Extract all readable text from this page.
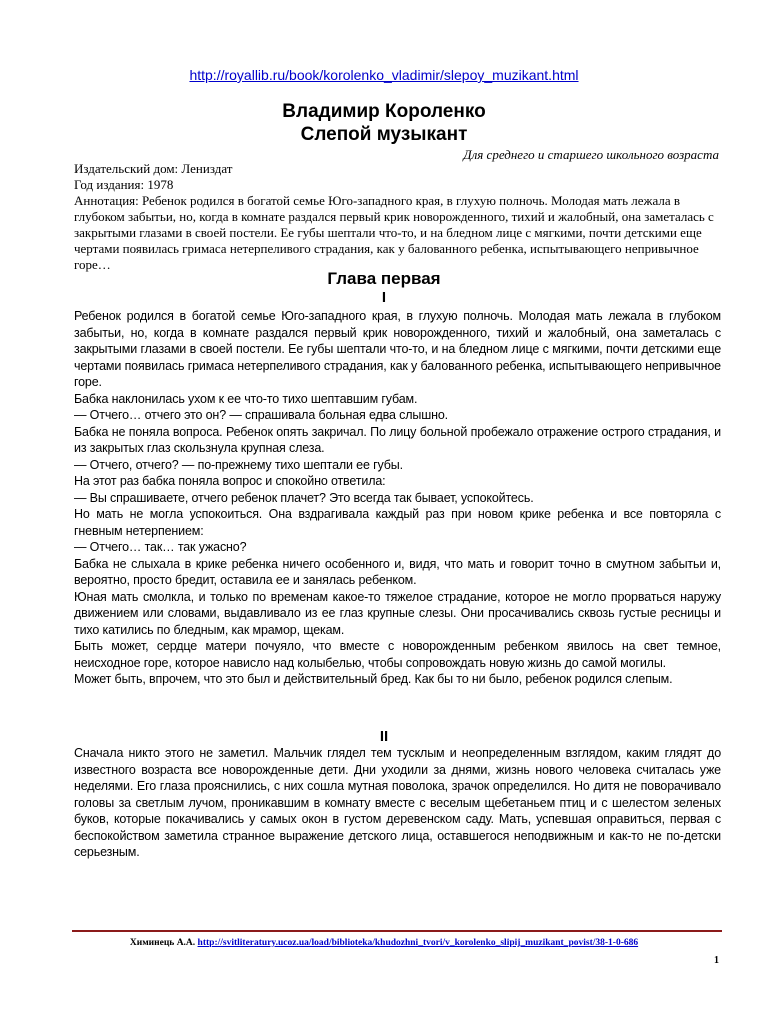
http://royallib.ru/book/korolenko_vladimir/slepoy_muzikant.html
Владимир Короленко
Слепой музыкант
Для среднего и старшего школьного возраста
Издательский дом: Лениздат
Год издания: 1978
Аннотация: Ребенок родился в богатой семье Юго-западного края, в глухую полночь. Молодая мать лежала в глубоком забытьи, но, когда в комнате раздался первый крик новорожденного, тихий и жалобный, она заметалась с закрытыми глазами в своей постели. Ее губы шептали что-то, и на бледном лице с мягкими, почти детскими еще чертами появилась гримаса нетерпеливого страдания, как у балованного ребенка, испытывающего непривычное горе…
Глава первая
I

Ребенок родился в богатой семье Юго-западного края, в глухую полночь. Молодая мать лежала в глубоком забытьи, но, когда в комнате раздался первый крик новорожденного, тихий и жалобный, она заметалась с закрытыми глазами в своей постели. Ее губы шептали что-то, и на бледном лице с мягкими, почти детскими еще чертами появилась гримаса нетерпеливого страдания, как у балованного ребенка, испытывающего непривычное горе.

Бабка наклонилась ухом к ее что-то тихо шептавшим губам.

— Отчего… отчего это он? — спрашивала больная едва слышно.

Бабка не поняла вопроса. Ребенок опять закричал. По лицу больной пробежало отражение острого страдания, и из закрытых глаз скользнула крупная слеза.

— Отчего, отчего? — по-прежнему тихо шептали ее губы.

На этот раз бабка поняла вопрос и спокойно ответила:

— Вы спрашиваете, отчего ребенок плачет? Это всегда так бывает, успокойтесь.

Но мать не могла успокоиться. Она вздрагивала каждый раз при новом крике ребенка и все повторяла с гневным нетерпением:

— Отчего… так… так ужасно?

Бабка не слыхала в крике ребенка ничего особенного и, видя, что мать и говорит точно в смутном забытьи и, вероятно, просто бредит, оставила ее и занялась ребенком.

Юная мать смолкла, и только по временам какое-то тяжелое страдание, которое не могло прорваться наружу движением или словами, выдавливало из ее глаз крупные слезы. Они просачивались сквозь густые ресницы и тихо катились по бледным, как мрамор, щекам.

Быть может, сердце матери почуяло, что вместе с новорожденным ребенком явилось на свет темное, неисходное горе, которое нависло над колыбелью, чтобы сопровождать новую жизнь до самой могилы.

Может быть, впрочем, что это был и действительный бред. Как бы то ни было, ребенок родился слепым.

II

Сначала никто этого не заметил. Мальчик глядел тем тусклым и неопределенным взглядом, каким глядят до известного возраста все новорожденные дети. Дни уходили за днями, жизнь нового человека считалась уже неделями. Его глаза прояснились, с них сошла мутная поволока, зрачок определился. Но дитя не поворачивало головы за светлым лучом, проникавшим в комнату вместе с веселым щебетаньем птиц и с шелестом зеленых буков, которые покачивались у самых окон в густом деревенском саду. Мать, успевшая оправиться, первая с беспокойством заметила странное выражение детского лица, оставшегося неподвижным и как-то не по-детски серьезным.

Химинець А.А. http://svitliteratury.ucoz.ua/load/biblioteka/khudozhni_tvori/v_korolenko_slipij_muzikant_povist/38-1-0-686
1
